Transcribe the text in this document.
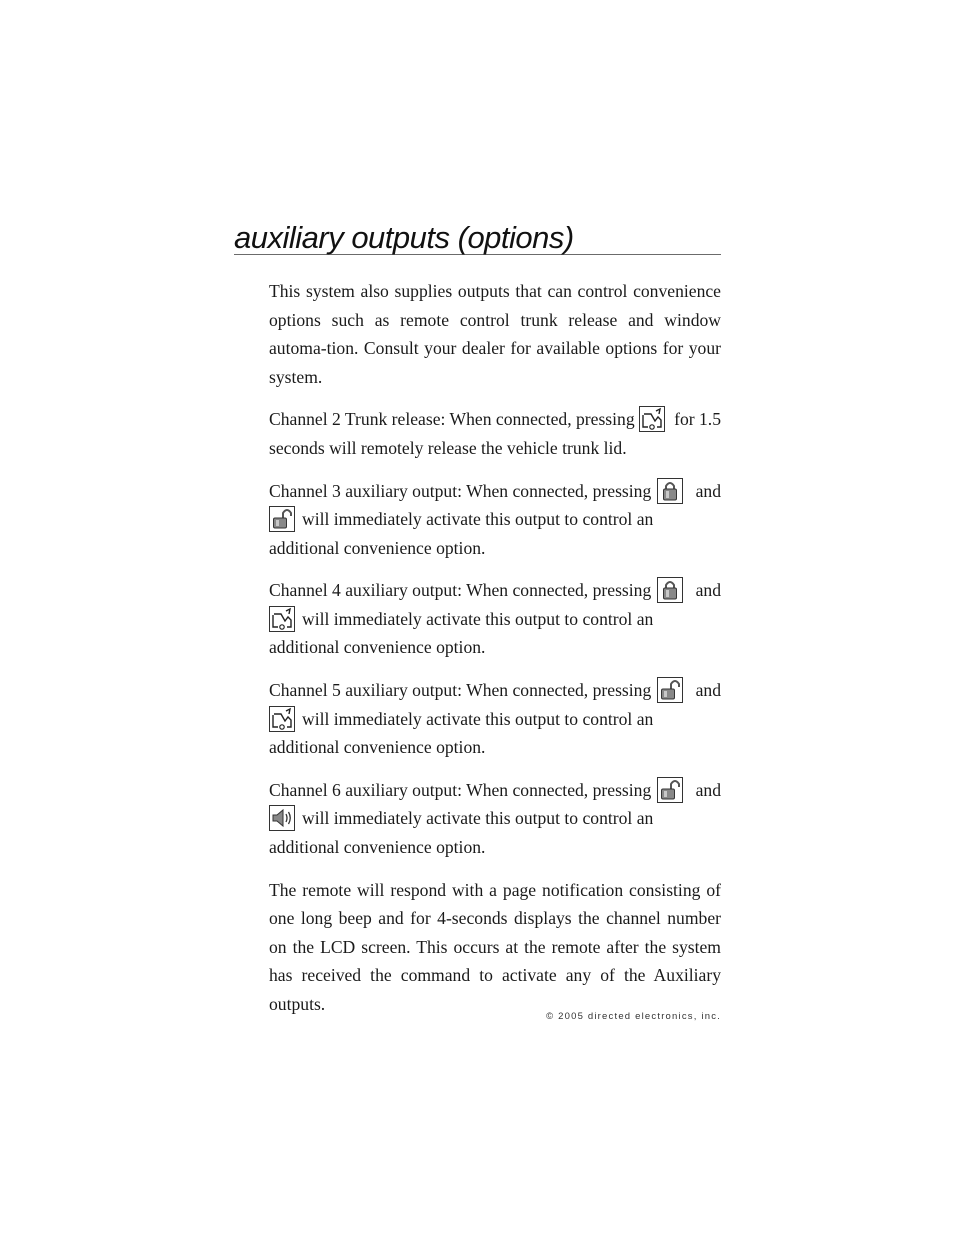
auxiliary outputs (options)

This system also supplies outputs that can control convenience options such as remote control trunk release and window automa-tion. Consult your dealer for available options for your system.

Channel 2 Trunk release: When connected, pressing	for 1.5
seconds will remotely release the vehicle trunk lid.
Channel 3 auxiliary output: When connected, pressing	and
will immediately activate this output to control an
additional convenience option.
Channel 4 auxiliary output: When connected, pressing	and
will immediately activate this output to control an
additional convenience option.
Channel 5 auxiliary output: When connected, pressing	and
will immediately activate this output to control an
additional convenience option.
Channel 6 auxiliary output: When connected, pressing	and
will immediately activate this output to control an
additional convenience option.

The remote will respond with a page notification consisting of one long beep and for 4-seconds displays the channel number on the LCD screen. This occurs at the remote after the system has received the command to activate any of the Auxiliary outputs.

© 2005 directed electronics, inc.
